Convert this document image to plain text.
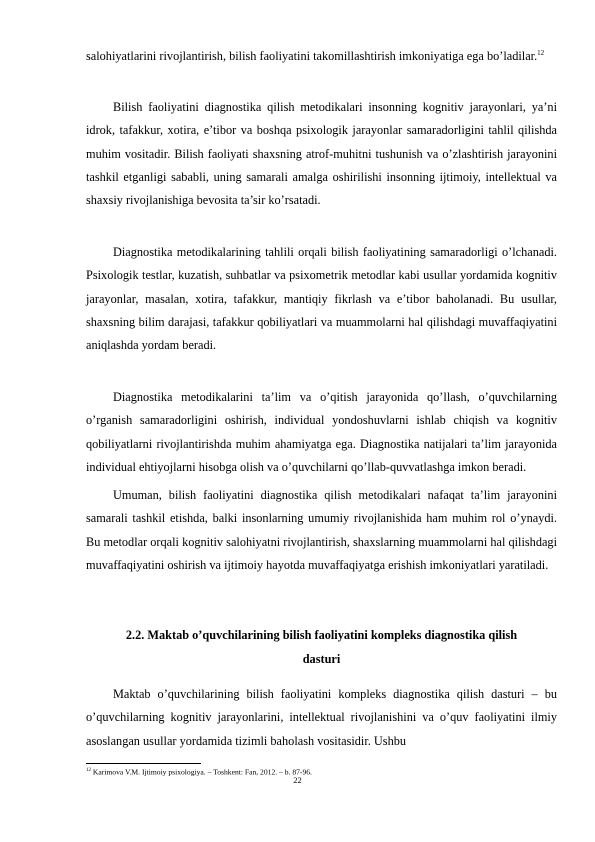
salohiyatlarini rivojlantirish, bilish faoliyatini takomillashtirish imkoniyatiga ega bo’ladilar.$^{12}$

Bilish faoliyatini diagnostika qilish metodikalari insonning kognitiv jarayonlari, ya’ni idrok, tafakkur, xotira, e’tibor va boshqa psixologik jarayonlar samaradorligini tahlil qilishda muhim vositadir. Bilish faoliyati shaxsning atrof-muhitni tushunish va o’zlashtirish jarayonini tashkil etganligi sababli, uning samarali amalga oshirilishi insonning ijtimoiy, intellektual va shaxsiy rivojlanishiga bevosita ta’sir ko’rsatadi.

Diagnostika metodikalarining tahlili orqali bilish faoliyatining samaradorligi o’lchanadi. Psixologik testlar, kuzatish, suhbatlar va psixometrik metodlar kabi usullar yordamida kognitiv jarayonlar, masalan, xotira, tafakkur, mantiqiy fikrlash va e’tibor baholanadi. Bu usullar, shaxsning bilim darajasi, tafakkur qobiliyatlari va muammolarni hal qilishdagi muvaffaqiyatini aniqlashda yordam beradi.

Diagnostika metodikalarini ta’lim va o’qitish jarayonida qo’llash, o’quvchilarning o’rganish samaradorligini oshirish, individual yondoshuvlarni ishlab chiqish va kognitiv qobiliyatlarni rivojlantirishda muhim ahamiyatga ega. Diagnostika natijalari ta’lim jarayonida individual ehtiyojlarni hisobga olish va o’quvchilarni qo’llab-quvvatlashga imkon beradi.

Umuman, bilish faoliyatini diagnostika qilish metodikalari nafaqat ta’lim jarayonini samarali tashkil etishda, balki insonlarning umumiy rivojlanishida ham muhim rol o’ynaydi. Bu metodlar orqali kognitiv salohiyatni rivojlantirish, shaxslarning muammolarni hal qilishdagi muvaffaqiyatini oshirish va ijtimoiy hayotda muvaffaqiyatga erishish imkoniyatlari yaratiladi.

2.2. Maktab o’quvchilarining bilish faoliyatini kompleks diagnostika qilish
dasturi

Maktab o’quvchilarining bilish faoliyatini kompleks diagnostika qilish dasturi – bu o’quvchilarning kognitiv jarayonlarini, intellektual rivojlanishini va o’quv faoliyatini ilmiy asoslangan usullar yordamida tizimli baholash vositasidir. Ushbu

$^{12}$ Karimova V.M. Ijtimoiy psixologiya. – Toshkent: Fan, 2012. – b. 87-96.

22
